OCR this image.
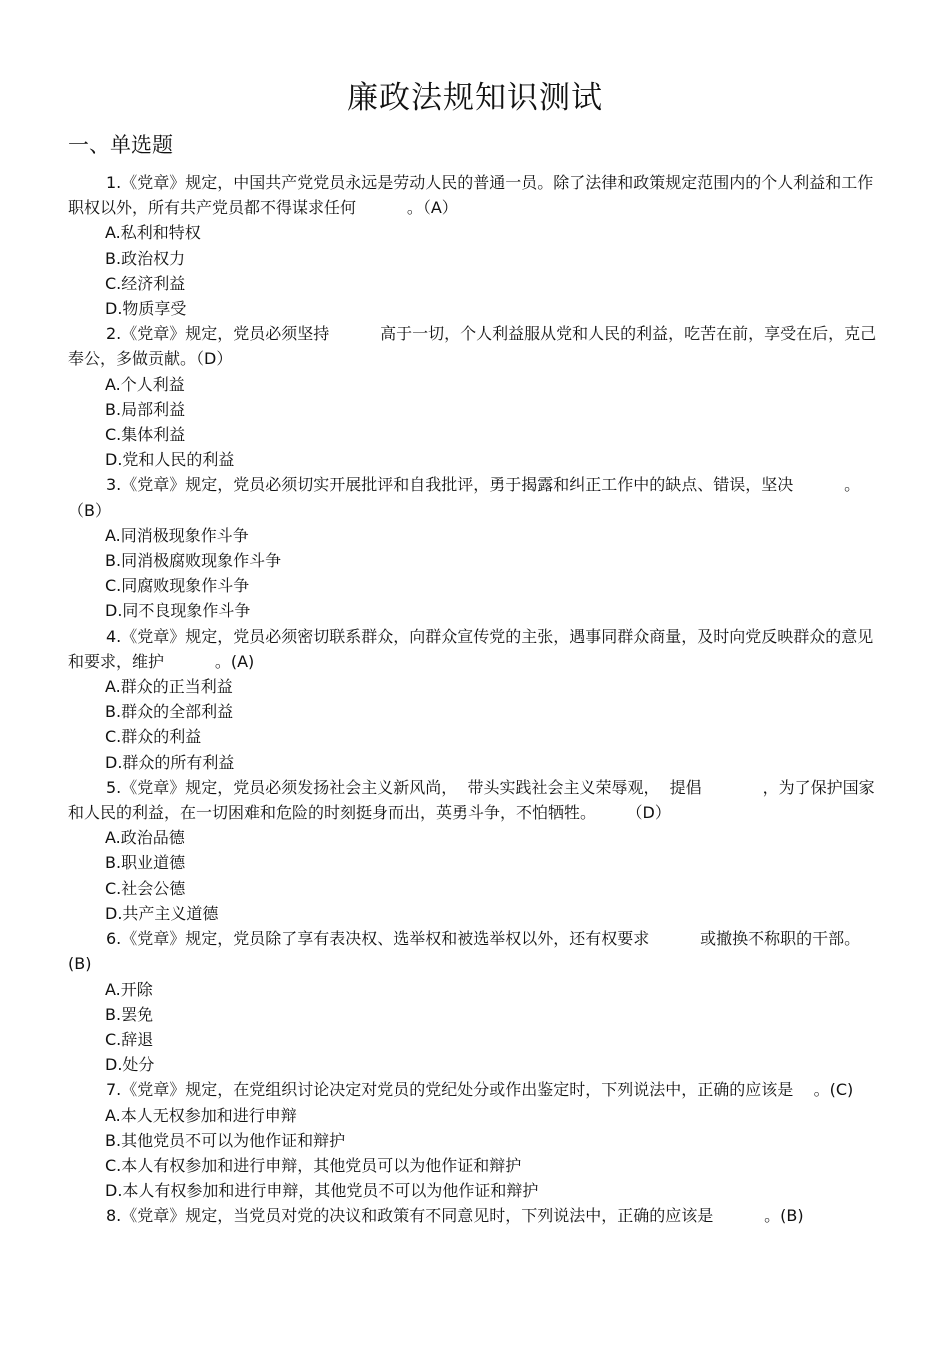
廉政法规知识测试
一、单选题

1.《党章》规定，中国共产党党员永远是劳动人民的普通一员。除了法律和政策规定范围内的个人利益和工作职权以外，所有共产党员都不得谋求任何          。（A）

A.私利和特权
B.政治权力
C.经济利益
D.物质享受

2.《党章》规定，党员必须坚持          高于一切，个人利益服从党和人民的利益，吃苦在前，享受在后，克己奉公，多做贡献。（D）

A.个人利益
B.局部利益
C.集体利益
D.党和人民的利益

3.《党章》规定，党员必须切实开展批评和自我批评，勇于揭露和纠正工作中的缺点、错误，坚决          。（B）

A.同消极现象作斗争
B.同消极腐败现象作斗争
C.同腐败现象作斗争
D.同不良现象作斗争

4.《党章》规定，党员必须密切联系群众，向群众宣传党的主张，遇事同群众商量，及时向党反映群众的意见和要求，维护          。(A)

A.群众的正当利益
B.群众的全部利益
C.群众的利益
D.群众的所有利益

5.《党章》规定，党员必须发扬社会主义新风尚，  带头实践社会主义荣辱观，  提倡            ，为了保护国家和人民的利益，在一切困难和危险的时刻挺身而出，英勇斗争，不怕牺牲。      （D）

A.政治品德
B.职业道德
C.社会公德
D.共产主义道德

6.《党章》规定，党员除了享有表决权、选举权和被选举权以外，还有权要求          或撤换不称职的干部。(B)

A.开除
B.罢免
C.辞退
D.处分

7.《党章》规定，在党组织讨论决定对党员的党纪处分或作出鉴定时，下列说法中，正确的应该是    。(C)

A.本人无权参加和进行申辩
B.其他党员不可以为他作证和辩护
C.本人有权参加和进行申辩，其他党员可以为他作证和辩护
D.本人有权参加和进行申辩，其他党员不可以为他作证和辩护

8.《党章》规定，当党员对党的决议和政策有不同意见时，下列说法中，正确的应该是          。(B)
